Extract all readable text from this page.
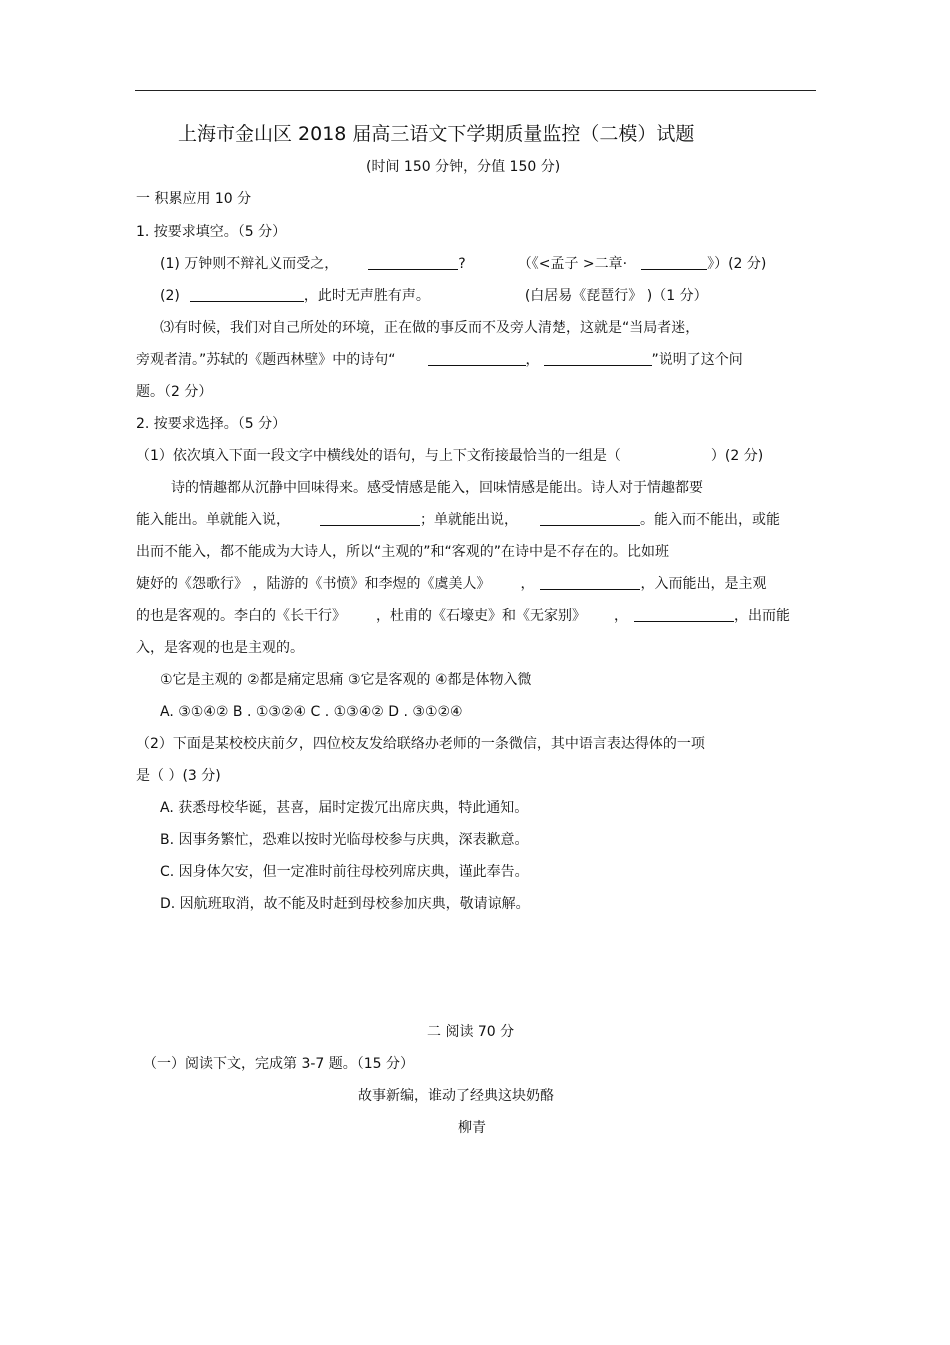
上海市金山区 2018 届高三语文下学期质量监控（二模）试题
(时间 150 分钟，分值 150 分)
一 积累应用 10 分
1. 按要求填空。（5 分）
(1) 万钟则不辩礼义而受之，	?	（《<孟子 >二章·	》）(2 分)
(2)	，此时无声胜有声。	(白居易《琵琶行》 )（1 分）
⑶有时候，我们对自己所处的环境，正在做的事反而不及旁人清楚，这就是“当局者迷，
旁观者清。”苏轼的《题西林壁》中的诗句“	，	”说明了这个问
题。（2 分）
2. 按要求选择。（5 分）
（1）依次填入下面一段文字中横线处的语句，与上下文衔接最恰当的一组是（	）(2 分)
诗的情趣都从沉静中回味得来。感受情感是能入，回味情感是能出。诗人对于情趣都要
能入能出。单就能入说，	；单就能出说，	。能入而不能出，或能
出而不能入，都不能成为大诗人，所以“主观的”和“客观的”在诗中是不存在的。比如班
婕妤的《怨歌行》 ，陆游的《书愤》和李煜的《虞美人》 ，	，入而能出，是主观
的也是客观的。李白的《长干行》 ，杜甫的《石壕吏》和《无家别》 ，	，出而能
入，是客观的也是主观的。
①它是主观的 ②都是痛定思痛 ③它是客观的 ④都是体物入微
A. ③①④② B . ①③②④ C . ①③④② D . ③①②④
（2）下面是某校校庆前夕，四位校友发给联络办老师的一条微信，其中语言表达得体的一项
是（ ）(3 分)
A. 获悉母校华诞，甚喜，届时定拨冗出席庆典，特此通知。
B. 因事务繁忙，恐难以按时光临母校参与庆典，深表歉意。
C. 因身体欠安，但一定准时前往母校列席庆典，谨此奉告。
D. 因航班取消，故不能及时赶到母校参加庆典，敬请谅解。
二 阅读 70 分
（一）阅读下文，完成第 3-7 题。（15 分）
故事新编，谁动了经典这块奶酪
柳青
